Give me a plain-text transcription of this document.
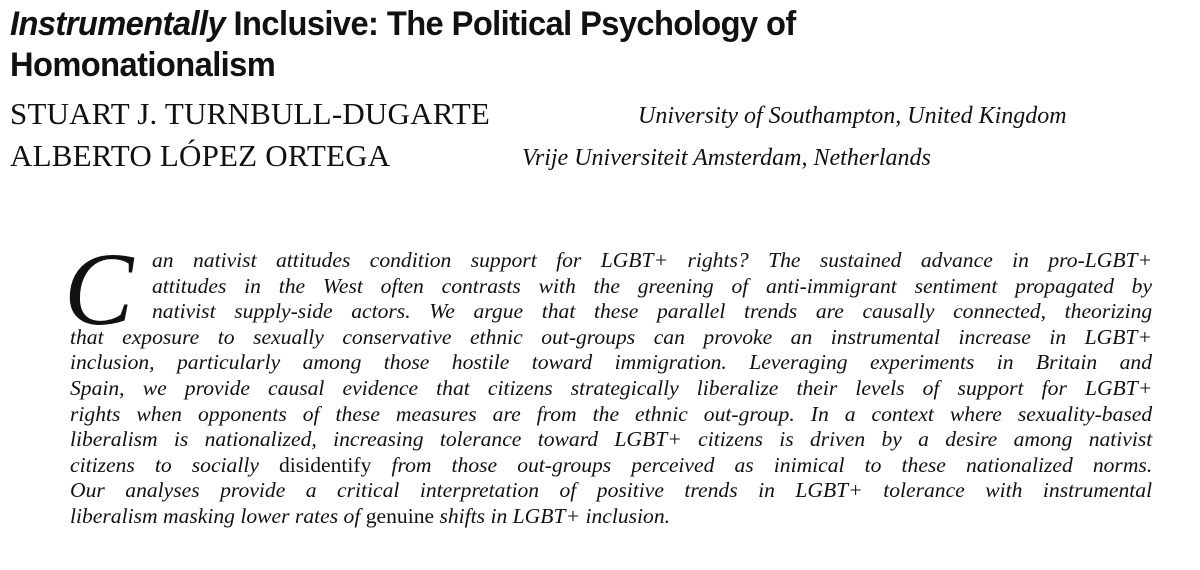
Instrumentally Inclusive: The Political Psychology of
Homonationalism
STUART J. TURNBULL-DUGARTE	University of Southampton, United Kingdom
ALBERTO LÓPEZ ORTEGA	Vrije Universiteit Amsterdam, Netherlands
C an nativist attitudes condition support for LGBT+ rights? The sustained advance in pro-LGBT+
attitudes in the West often contrasts with the greening of anti-immigrant sentiment propagated by
nativist supply-side actors. We argue that these parallel trends are causally connected, theorizing
that exposure to sexually conservative ethnic out-groups can provoke an instrumental increase in LGBT+
inclusion, particularly among those hostile toward immigration. Leveraging experiments in Britain and
Spain, we provide causal evidence that citizens strategically liberalize their levels of support for LGBT+
rights when opponents of these measures are from the ethnic out-group. In a context where sexuality-based
liberalism is nationalized, increasing tolerance toward LGBT+ citizens is driven by a desire among nativist
citizens to socially disidentify from those out-groups perceived as inimical to these nationalized norms.
Our analyses provide a critical interpretation of positive trends in LGBT+ tolerance with instrumental
liberalism masking lower rates of genuine shifts in LGBT+ inclusion.
